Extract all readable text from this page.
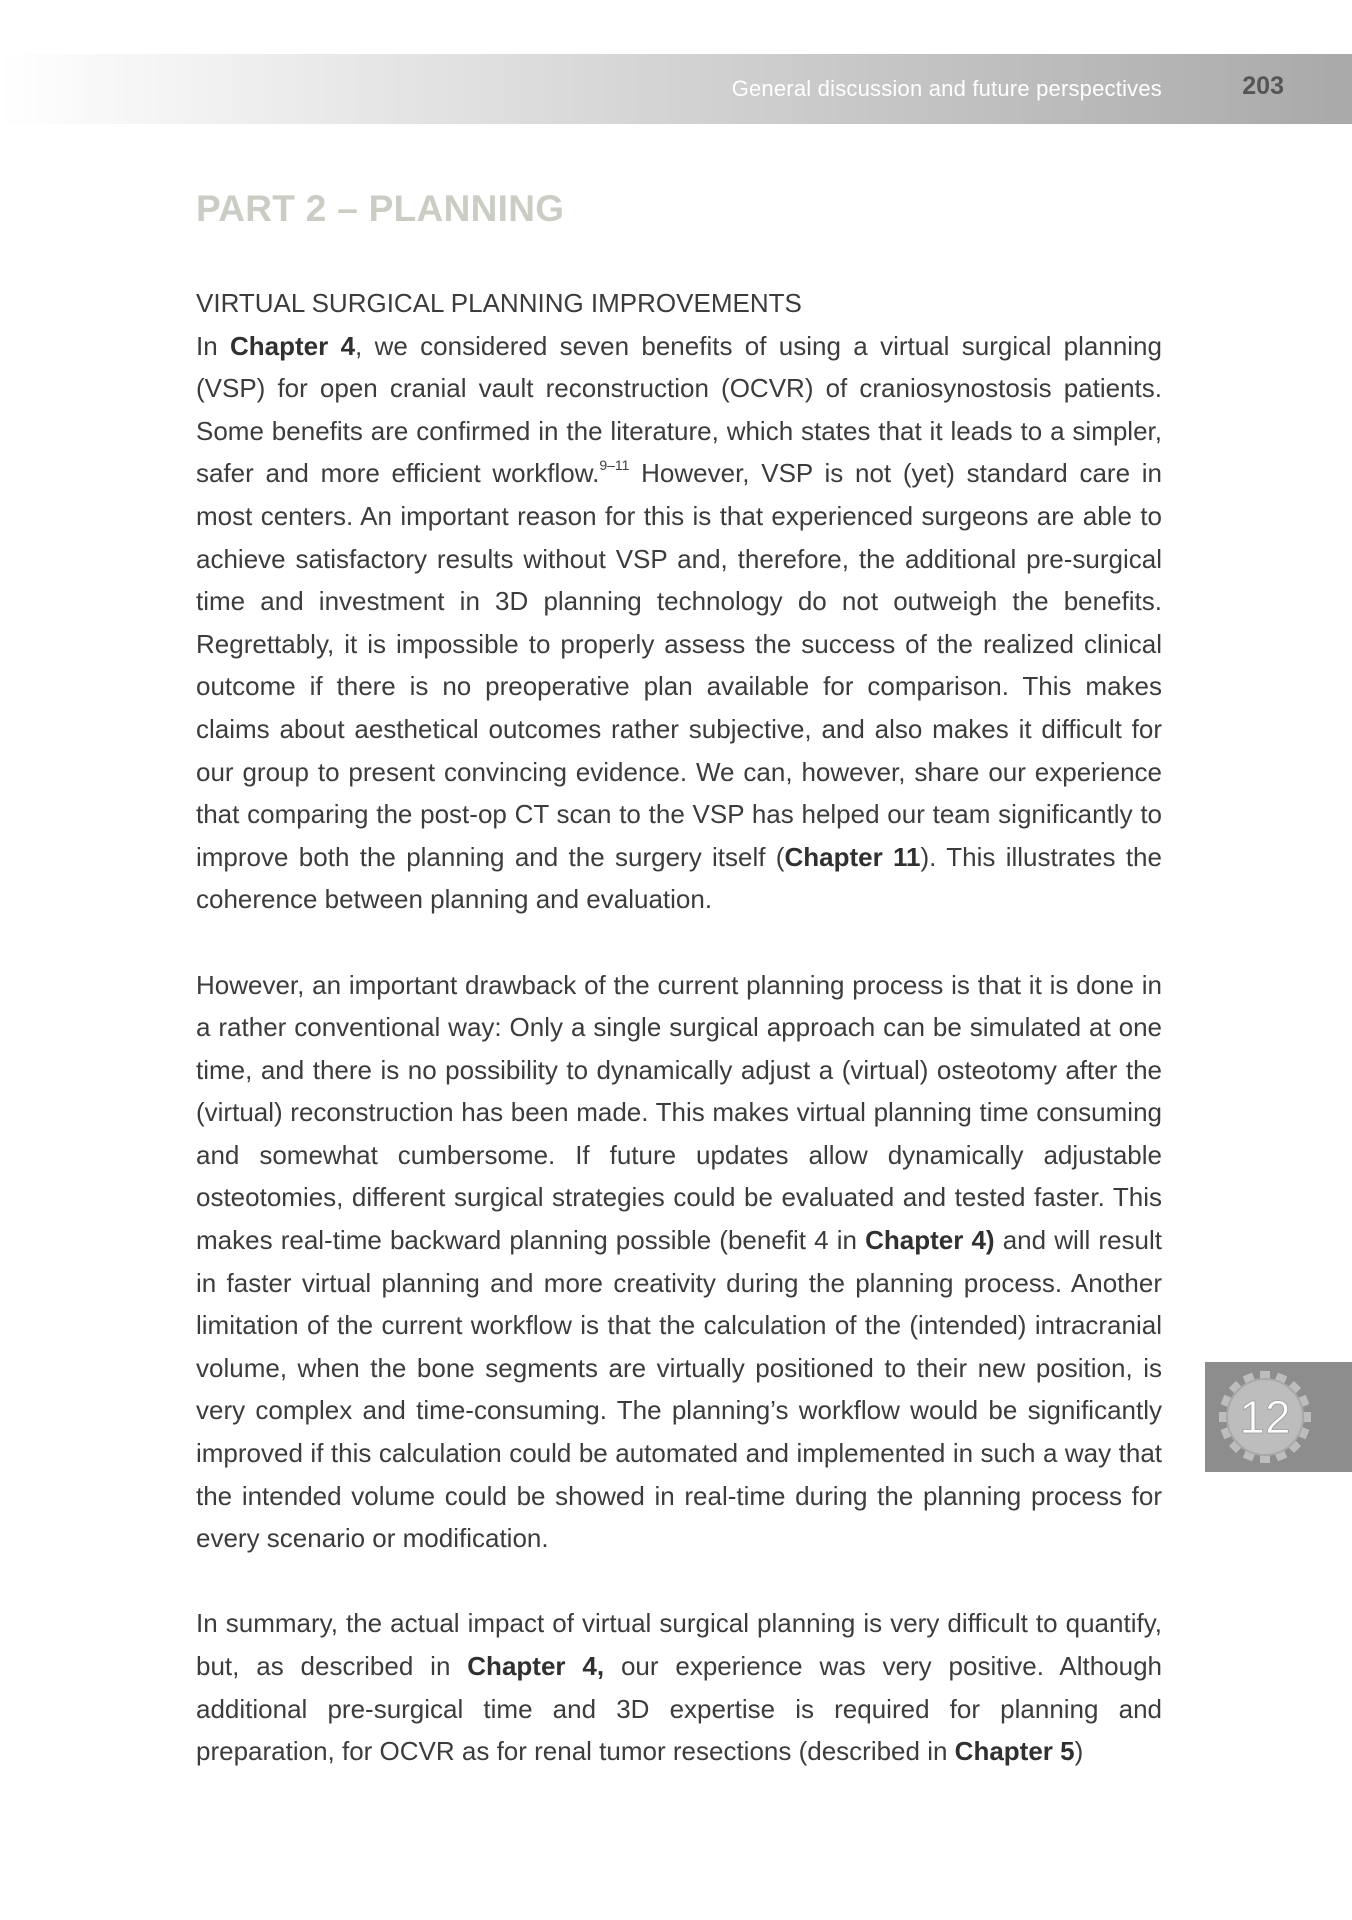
General discussion and future perspectives	203
PART 2 – PLANNING
VIRTUAL SURGICAL PLANNING IMPROVEMENTS

In Chapter 4, we considered seven benefits of using a virtual surgical planning (VSP) for open cranial vault reconstruction (OCVR) of craniosynostosis patients. Some benefits are confirmed in the literature, which states that it leads to a simpler, safer and more efficient workflow.$^{9-11}$ However, VSP is not (yet) standard care in most centers. An important reason for this is that experienced surgeons are able to achieve satisfactory results without VSP and, therefore, the additional pre-surgical time and investment in 3D planning technology do not outweigh the benefits. Regrettably, it is impossible to properly assess the success of the realized clinical outcome if there is no preoperative plan available for comparison. This makes claims about aesthetical outcomes rather subjective, and also makes it difficult for our group to present convincing evidence. We can, however, share our experience that comparing the post-op CT scan to the VSP has helped our team significantly to improve both the planning and the surgery itself (Chapter 11). This illustrates the coherence between planning and evaluation.

However, an important drawback of the current planning process is that it is done in a rather conventional way: Only a single surgical approach can be simulated at one time, and there is no possibility to dynamically adjust a (virtual) osteotomy after the (virtual) reconstruction has been made. This makes virtual planning time consuming and somewhat cumbersome. If future updates allow dynamically adjustable osteotomies, different surgical strategies could be evaluated and tested faster. This makes real-time backward planning possible (benefit 4 in Chapter 4) and will result in faster virtual planning and more creativity during the planning process. Another limitation of the current workflow is that the calculation of the (intended) intracranial volume, when the bone segments are virtually positioned to their new position, is very complex and time-consuming. The planning’s workflow would be significantly improved if this calculation could be automated and implemented in such a way that the intended volume could be showed in real-time during the planning process for every scenario or modification.

In summary, the actual impact of virtual surgical planning is very difficult to quantify, but, as described in Chapter 4, our experience was very positive. Although additional pre-surgical time and 3D expertise is required for planning and preparation, for OCVR as for renal tumor resections (described in Chapter 5)

12
